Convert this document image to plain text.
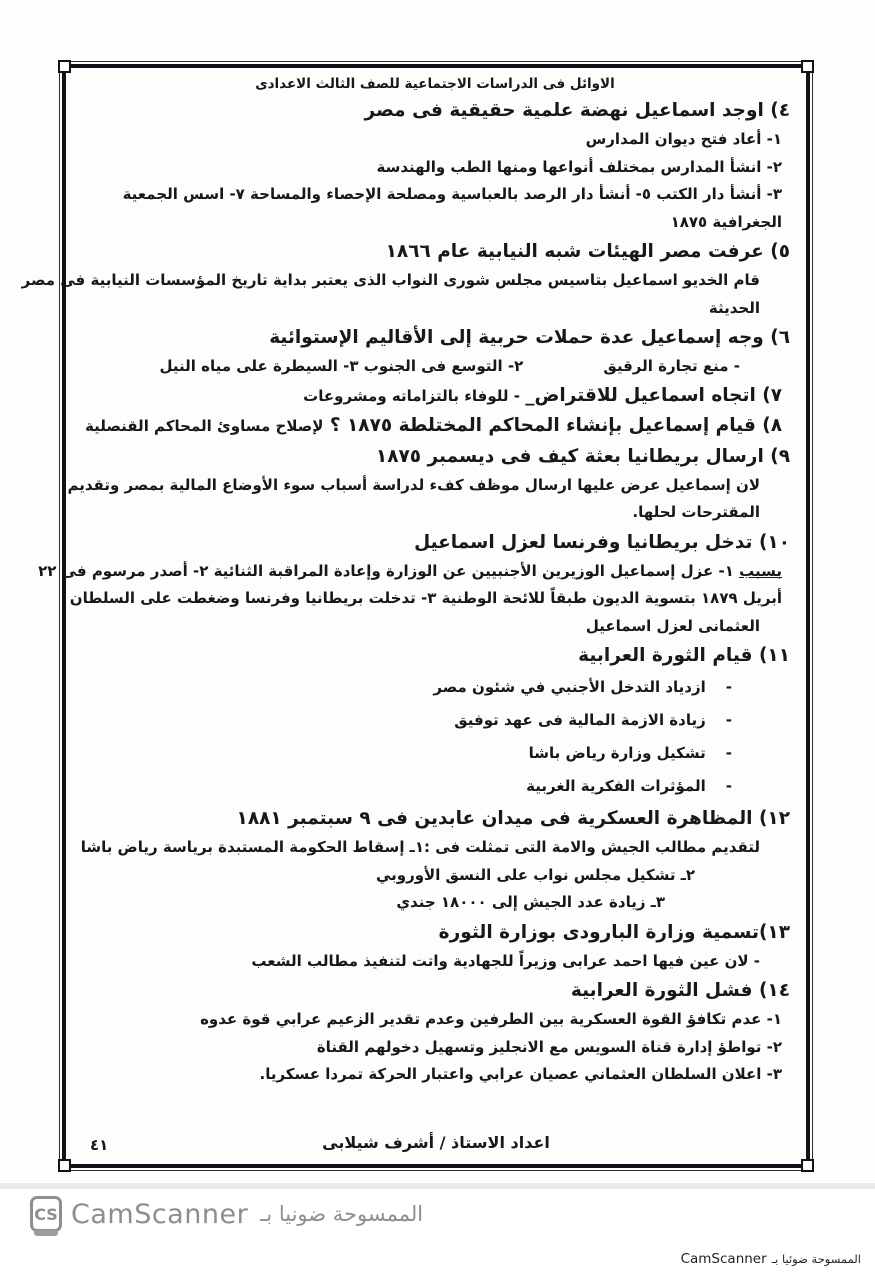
الاوائل فى الدراسات الاجتماعية للصف الثالث الاعدادى
٤) اوجد اسماعيل نهضة علمية حقيقية فى مصر
١- أعاد فتح ديوان المدارس
٢- انشأ المدارس بمختلف أنواعها ومنها الطب والهندسة
٣- أنشأ دار الكتب ٥- أنشأ دار الرصد بالعباسية ومصلحة الإحصاء والمساحة ٧- اسس الجمعية
الجغرافية ١٨٧٥
٥) عرفت مصر الهيئات شبه النيابية عام ١٨٦٦
قام الخديو اسماعيل بتاسيس مجلس شورى النواب الذى يعتبر بداية تاريخ المؤسسات النيابية فى مصر
الحديثة
٦) وجه إسماعيل عدة حملات حربية إلى الأقاليم الإستوائية
- منع تجارة الرقيق٢- التوسع فى الجنوب ٣- السيطرة على مياه النيل
٧) اتجاه اسماعيل للاقتراض_ - للوفاء بالتزاماته ومشروعات
٨) قيام إسماعيل بإنشاء المحاكم المختلطة ١٨٧٥ ؟ لإصلاح مساوئ المحاكم القنصلية
٩) ارسال بريطانيا بعثة كيف فى ديسمبر ١٨٧٥
لان إسماعيل عرض عليها ارسال موظف كفء لدراسة أسباب سوء الأوضاع المالية بمصر وتقديم
المقترحات لحلها.
١٠) تدخل بريطانيا وفرنسا لعزل اسماعيل
بسبب ١- عزل إسماعيل الوزيرين الأجنبيين عن الوزارة وإعادة المراقبة الثنائية ٢- أصدر مرسوم فى ٢٢
أبريل ١٨٧٩ بتسوية الديون طبقاً للائحة الوطنية ٣- تدخلت بريطانيا وفرنسا وضغطت على السلطان
العثمانى لعزل اسماعيل
١١) قيام الثورة العرابية
-ازدياد التدخل الأجنبي في شئون مصر
-زيادة الازمة المالية فى عهد توفيق
-تشكيل وزارة رياض باشا
-المؤثرات الفكرية الغربية
١٢) المظاهرة العسكرية فى ميدان عابدين فى ٩ سبتمبر ١٨٨١
لتقديم مطالب الجيش والامة التى تمثلت فى :١ـ إسقاط الحكومة المستبدة برياسة رياض باشا
٢ـ تشكيل مجلس نواب على النسق الأوروبي
٣ـ زيادة عدد الجيش إلى ١٨٠٠٠ جندي
١٣)تسمية وزارة البارودى بوزارة الثورة
- لان عين فيها احمد عرابى وزيراً للجهادية واتت لتنفيذ مطالب الشعب
١٤) فشل الثورة العرابية
١- عدم تكافؤ القوة العسكرية بين الطرفين وعدم تقدير الزعيم عرابي قوة عدوه
٢- تواطؤ إدارة قناة السويس مع الانجليز وتسهيل دخولهم القناة
٣- اعلان السلطان العثماني عصيان عرابي واعتبار الحركة تمردا عسكريا.
اعداد الاستاذ / أشرف شيلابى
٤١
CS CamScanner الممسوحة ضونيا بـ
الممسوحة ضوئيا بـ CamScanner
